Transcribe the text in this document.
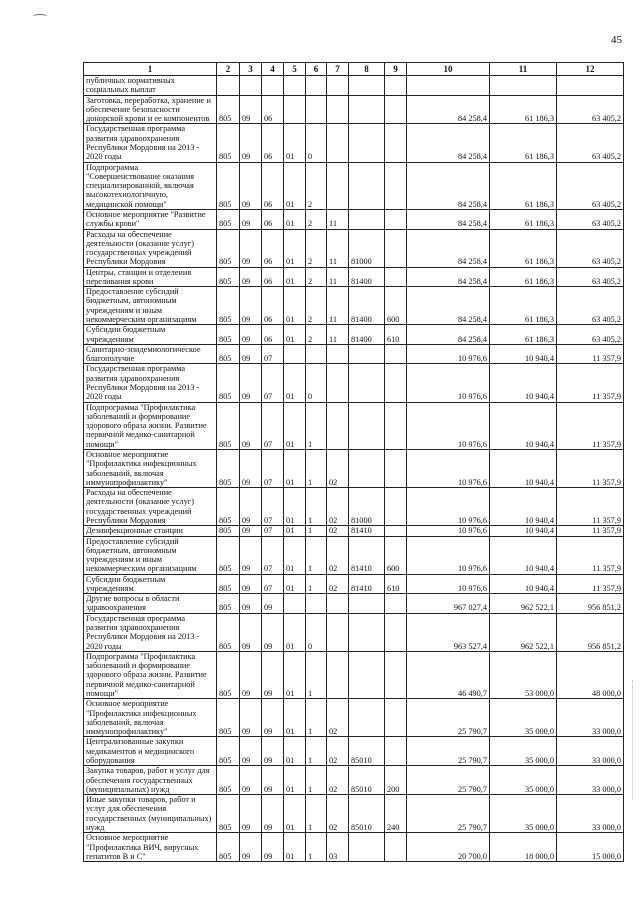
45
1	2	3	4	5	6	7	8	9	10	11	12
публичных нормативных социальных выплат											
Заготовка, переработка, хранение и обеспечение безопасности донорской крови и ее компонентов	805	09	06						84 258,4	61 186,3	63 405,2
Государственная программа развития здравоохранения Республики Мордовия на 2013 - 2020 годы	805	09	06	01	0				84 258,4	61 186,3	63 405,2
Подпрограмма "Совершенствование оказания специализированной, включая высокотехнологичную, медицинской помощи"	805	09	06	01	2				84 258,4	61 186,3	63 405,2
Основное мероприятие "Развитие службы крови"	805	09	06	01	2	11			84 258,4	61 186,3	63 405,2
Расходы на обеспечение деятельности (оказание услуг) государственных учреждений Республики Мордовия	805	09	06	01	2	11	81000		84 258,4	61 186,3	63 405,2
Центры, станции и отделения переливания крови	805	09	06	01	2	11	81400		84 258,4	61 186,3	63 405,2
Предоставление субсидий бюджетным, автономным учреждениям и иным некоммерческим организациям	805	09	06	01	2	11	81400	600	84 258,4	61 186,3	63 405,2
Субсидии бюджетным учреждениям	805	09	06	01	2	11	81400	610	84 258,4	61 186,3	63 405,2
Санитарно-эпидемиологическое благополучие	805	09	07						10 976,6	10 940,4	11 357,9
Государственная программа развития здравоохранения Республики Мордовия на 2013 - 2020 годы	805	09	07	01	0				10 976,6	10 940,4	11 357,9
Подпрограмма "Профилактика заболеваний и формирование здорового образа жизни. Развитие первичной медико-санитарной помощи"	805	09	07	01	1				10 976,6	10 940,4	11 357,9
Основное мероприятие "Профилактика инфекционных заболеваний, включая иммунопрофилактику"	805	09	07	01	1	02			10 976,6	10 940,4	11 357,9
Расходы на обеспечение деятельности (оказание услуг) государственных учреждений Республики Мордовия	805	09	07	01	1	02	81000		10 976,6	10 940,4	11 357,9
Дезинфекционные станции	805	09	07	01	1	02	81410		10 976,6	10 940,4	11 357,9
Предоставление субсидий бюджетным, автономным учреждениям и иным некоммерческим организациям	805	09	07	01	1	02	81410	600	10 976,6	10 940,4	11 357,9
Субсидии бюджетным учреждениям	805	09	07	01	1	02	81410	610	10 976,6	10 940,4	11 357,9
Другие вопросы в области здравоохранения	805	09	09						967 027,4	962 522,1	956 851,2
Государственная программа развития здравоохранения Республики Мордовия на 2013 - 2020 годы	805	09	09	01	0				963 527,4	962 522,1	956 851,2
Подпрограмма "Профилактика заболеваний и формирование здорового образа жизни. Развитие первичной медико-санитарной помощи"	805	09	09	01	1				46 490,7	53 000,0	48 000,0
Основное мероприятие "Профилактика инфекционных заболеваний, включая иммунопрофилактику"	805	09	09	01	1	02			25 790,7	35 000,0	33 000,0
Централизованные закупки медикаментов и медицинского оборудования	805	09	09	01	1	02	85010		25 790,7	35 000,0	33 000,0
Закупка товаров, работ и услуг для обеспечения государственных (муниципальных) нужд	805	09	09	01	1	02	85010	200	25 790,7	35 000,0	33 000,0
Иные закупки товаров, работ и услуг для обеспечения государственных (муниципальных) нужд	805	09	09	01	1	02	85010	240	25 790,7	35 000,0	33 000,0
Основное мероприятие "Профилактика ВИЧ, вирусных гепатитов В и С"	805	09	09	01	1	03			20 700,0	18 000,0	15 000,0
